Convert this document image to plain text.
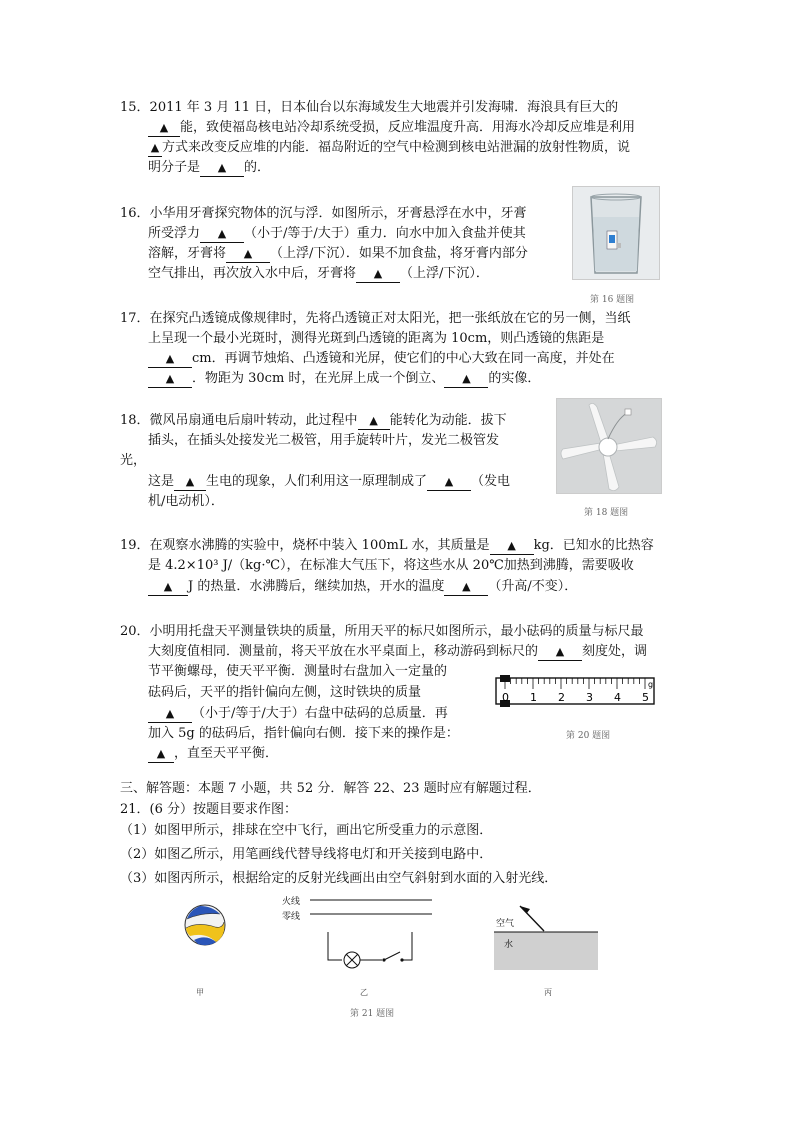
15．2011 年 3 月 11 日，日本仙台以东海域发生大地震并引发海啸．海浪具有巨大的
▲ 能，致使福岛核电站冷却系统受损，反应堆温度升高．用海水冷却反应堆是利用
▲ 方式来改变反应堆的内能．福岛附近的空气中检测到核电站泄漏的放射性物质，说
明分子是 ▲ 的．
16．小华用牙膏探究物体的沉与浮．如图所示，牙膏悬浮在水中，牙膏
所受浮力 ▲ （小于/等于/大于）重力．向水中加入食盐并使其
溶解，牙膏将 ▲ （上浮/下沉）．如果不加食盐，将牙膏内部分
空气排出，再次放入水中后，牙膏将 ▲ （上浮/下沉）．
第 16 题图
17．在探究凸透镜成像规律时，先将凸透镜正对太阳光，把一张纸放在它的另一侧，当纸
上呈现一个最小光斑时，测得光斑到凸透镜的距离为 10cm，则凸透镜的焦距是
▲ cm．再调节烛焰、凸透镜和光屏，使它们的中心大致在同一高度，并处在
▲ ．物距为 30cm 时，在光屏上成一个倒立、 ▲ 的实像．
18．微风吊扇通电后扇叶转动，此过程中 ▲ 能转化为动能．拔下
插头，在插头处接发光二极管，用手旋转叶片，发光二极管发
光，
这是 ▲ 生电的现象，人们利用这一原理制成了 ▲ （发电
机/电动机）．
第 18 题图
19．在观察水沸腾的实验中，烧杯中装入 100mL 水，其质量是 ▲ kg．已知水的比热容
是 4.2×10³ J/（kg·℃），在标准大气压下，将这些水从 20℃加热到沸腾，需要吸收
▲ J 的热量．水沸腾后，继续加热，开水的温度 ▲ （升高/不变）．
20．小明用托盘天平测量铁块的质量，所用天平的标尺如图所示，最小砝码的质量与标尺最
大刻度值相同．测量前，将天平放在水平桌面上，移动游码到标尺的 ▲ 刻度处，调
节平衡螺母，使天平平衡．测量时右盘加入一定量的
砝码后，天平的指针偏向左侧，这时铁块的质量
▲ （小于/等于/大于）右盘中砝码的总质量．再
加入 5g 的砝码后，指针偏向右侧．接下来的操作是：
▲ ，直至天平平衡．
g
0 1 2 3 4 5
第 20 题图
三、解答题：本题 7 小题，共 52 分．解答 22、23 题时应有解题过程．
21．(6 分）按题目要求作图：
（1）如图甲所示，排球在空中飞行，画出它所受重力的示意图．
（2）如图乙所示，用笔画线代替导线将电灯和开关接到电路中．
（3）如图丙所示，根据给定的反射光线画出由空气斜射到水面的入射光线．
甲
火线
零线
乙
空气
水
丙
第 21 题图
